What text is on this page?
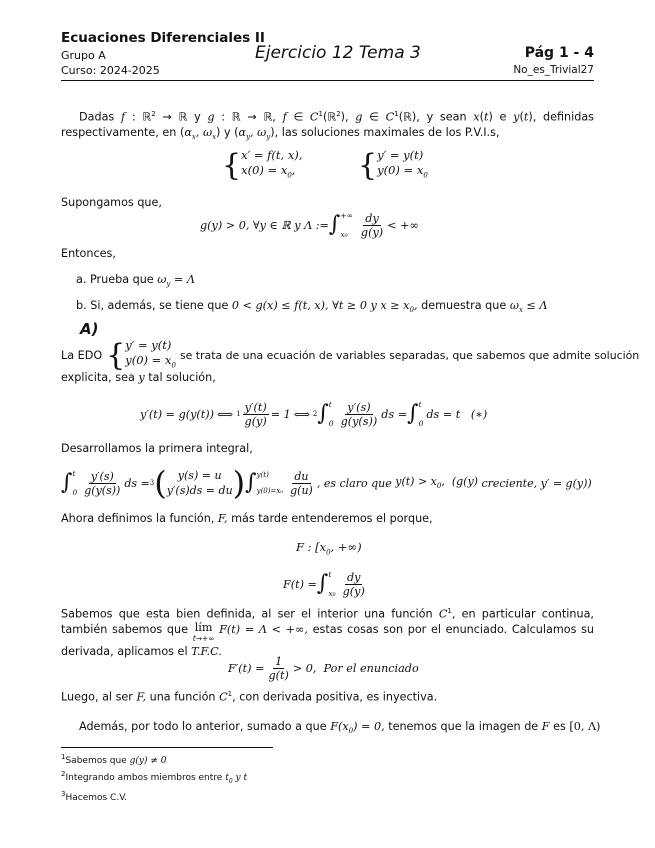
Ecuaciones Diferenciales II
Grupo A
Curso: 2024-2025
Ejercicio 12 Tema 3	Pág 1 - 4
No_es_Trivial27

Dadas f : ℝ$^2$ → ℝ y g : ℝ → ℝ, f ∈ $C^1(ℝ^2)$, g ∈ $C^1(ℝ)$, y sean x(t) e y(t), definidas respectivamente, en ($\alpha_x$, $\omega_x$) y ($\alpha_y$, $\omega_y$), las soluciones maximales de los P.V.I.s,

{ x′ = f(t, x),
$x(0) = x_0$, { y′ = y(t)
$y(0) = x_0$
Supongamos que,
g(y) > 0, ∀y ∈ ℝ y Λ := ∫ +∞
x₀	$\frac{dy}{g(y)}$ < +∞
Entonces,
a. Prueba que $\omega_y = \Lambda$
b. Si, además, se tiene que 0 < g(x) ≤ f(t, x), ∀t ≥ 0 y $x \ge x_0$, demuestra que $\omega_x \le \Lambda$
A)
La EDO { y′ = y(t)
$y(0) = x_0$
se trata de una ecuación de variables separadas, que sabemos que admite solución
explicita, sea y tal solución,
y′(t) = g(y(t)) ⟺ $1 \frac{y'(t)}{g(y)} = 1$ ⟺ 2 ∫ t
$0 \frac{y'(s)}{g(y(s))}$ ds = ∫ t
0
ds = t   (∗)
Desarrollamos la primera integral,
∫ t
$0 \frac{y'(s)}{g(y(s))}$ ds = 3 ( y(s) = u
y′(s)ds = du ) ∫ y(t)
$y(0)=x_0 \frac{du}{g(u)}$ , es claro que $y(t) > x_0$,  (g(y) creciente, y′ = g(y))
Ahora definimos la función, F, más tarde entenderemos el porque,
F : [$x_0$, +∞)
F(t) = ∫ t
$x_0 \frac{dy}{g(y)}$

Sabemos que esta bien definida, al ser el interior una función $C^1$, en particular continua, también sabemos que lím
t→+∞
F(t) = Λ < +∞, estas cosas son por el enunciado. Calculamos su derivada, aplicamos el T.F.C.

$F'(t) = \frac{1}{g(t)} > 0$, Por el enunciado
Luego, al ser F, una función $C^1$, con derivada positiva, es inyectiva.
Además, por todo lo anterior, sumado a que $F(x_0) = 0$, tenemos que la imagen de F es [0, Λ)
$^1$Sabemos que g(y) ≠ 0
$^2$Integrando ambos miembros entre $t_0$ y t
$^3$Hacemos C.V.
